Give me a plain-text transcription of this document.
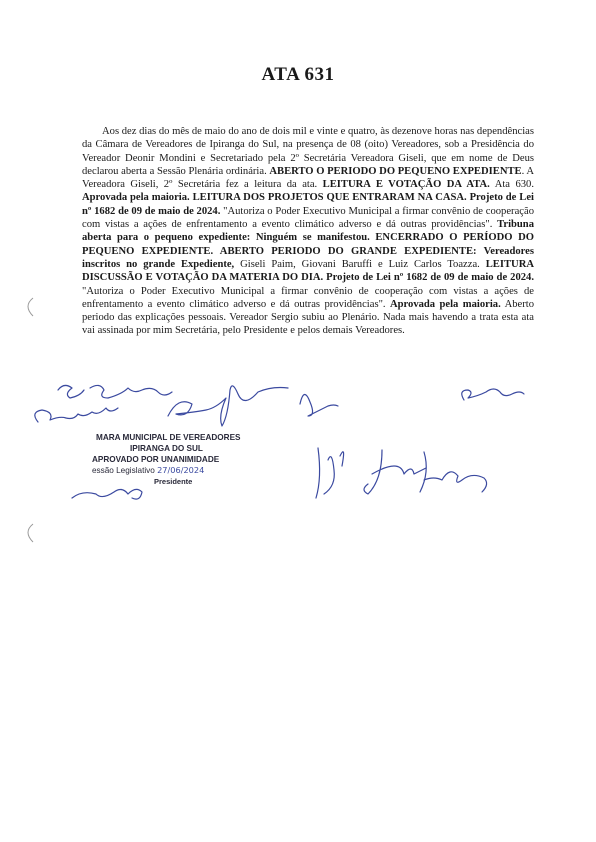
ATA 631

Aos dez dias do mês de maio do ano de dois mil e vinte e quatro, às dezenove horas nas dependências da Câmara de Vereadores de Ipiranga do Sul, na presença de 08 (oito) Vereadores, sob a Presidência do Vereador Deonir Mondini e Secretariado pela 2º Secretária Vereadora Giseli, que em nome de Deus declarou aberta a Sessão Plenária ordinária. ABERTO O PERIODO DO PEQUENO EXPEDIENTE. A Vereadora Giseli, 2º Secretária fez a leitura da ata. LEITURA E VOTAÇÃO DA ATA. Ata 630. Aprovada pela maioria. LEITURA DOS PROJETOS QUE ENTRARAM NA CASA. Projeto de Lei nº 1682 de 09 de maio de 2024. "Autoriza o Poder Executivo Municipal a firmar convênio de cooperação com vistas a ações de enfrentamento a evento climático adverso e dá outras providências". Tribuna aberta para o pequeno expediente: Ninguém se manifestou. ENCERRADO O PERÍODO DO PEQUENO EXPEDIENTE. ABERTO PERIODO DO GRANDE EXPEDIENTE: Vereadores inscritos no grande Expediente, Giseli Paim, Giovani Baruffi e Luiz Carlos Toazza. LEITURA DISCUSSÃO E VOTAÇÃO DA MATERIA DO DIA. Projeto de Lei nº 1682 de 09 de maio de 2024. "Autoriza o Poder Executivo Municipal a firmar convênio de cooperação com vistas a ações de enfrentamento a evento climático adverso e dá outras providências". Aprovada pela maioria. Aberto periodo das explicações pessoais. Vereador Sergio subiu ao Plenário. Nada mais havendo a trata esta ata vai assinada por mim Secretária, pelo Presidente e pelos demais Vereadores.

MARA MUNICIPAL DE VEREADORES
IPIRANGA DO SUL
APROVADO POR UNANIMIDADE
essão Legislativo 27/06/2024
Presidente
